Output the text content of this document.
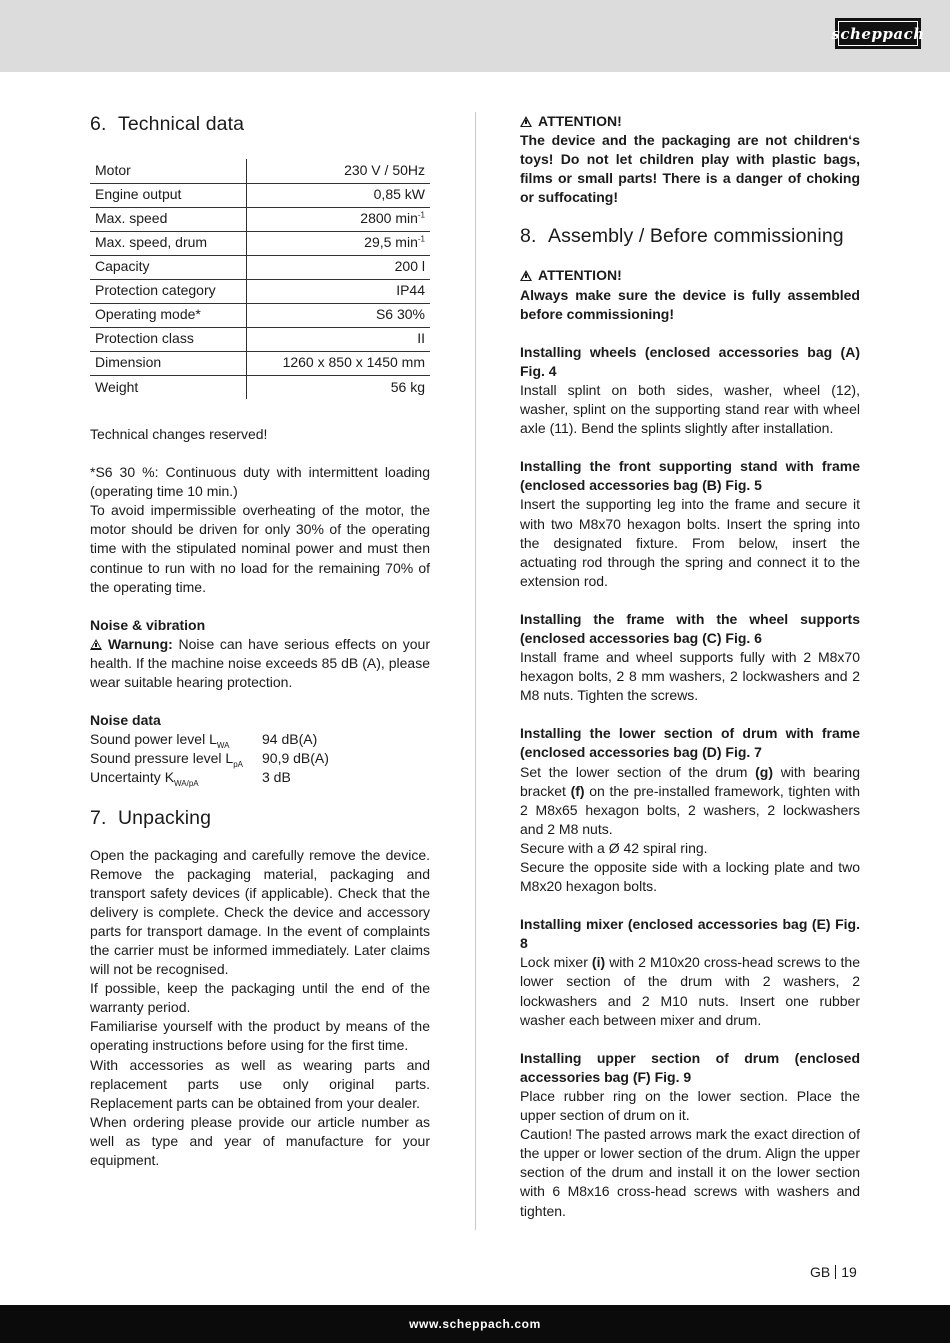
scheppach
6. Technical data
Motor	230 V / 50Hz
Engine output	0,85 kW
Max. speed	2800 $\min^{-1}$
Max. speed, drum	29,5 $\min^{-1}$
Capacity	200 l
Protection category	IP44
Operating mode*	S6 30%
Protection class	II
Dimension	1260 x 850 x 1450 mm
Weight	56 kg

Technical changes reserved!

*S6 30 %: Continuous duty with intermittent loading (operating time 10 min.)

To avoid impermissible overheating of the motor, the motor should be driven for only 30% of the operating time with the stipulated nominal power and must then continue to run with no load for the remaining 70% of the operating time.

Noise & vibration

Warnung: Noise can have serious effects on your health. If the machine noise exceeds 85 dB (A), please wear suitable hearing protection.

Noise data

Sound power level $L_{WA}$	94 dB(A)
Sound pressure level $L_{pA}$	90,9 dB(A)
Uncertainty $K_{WA/pA}$	3 dB
7. Unpacking

Open the packaging and carefully remove the device. Remove the packaging material, packaging and transport safety devices (if applicable). Check that the delivery is complete. Check the device and accessory parts for transport damage. In the event of complaints the carrier must be informed immediately. Later claims will not be recognised.

If possible, keep the packaging until the end of the warranty period.

Familiarise yourself with the product by means of the operating instructions before using for the first time.

With accessories as well as wearing parts and replacement parts use only original parts. Replacement parts can be obtained from your dealer.

When ordering please provide our article number as well as type and year of manufacture for your equipment.

ATTENTION!

The device and the packaging are not children‘s toys! Do not let children play with plastic bags, films or small parts! There is a danger of choking or suffocating!

8. Assembly / Before commissioning

ATTENTION!

Always make sure the device is fully assembled before commissioning!

Installing wheels (enclosed accessories bag (A) Fig. 4

Install splint on both sides, washer, wheel (12), washer, splint on the supporting stand rear with wheel axle (11). Bend the splints slightly after installation.

Installing the front supporting stand with frame (enclosed accessories bag (B) Fig. 5

Insert the supporting leg into the frame and secure it with two M8x70 hexagon bolts. Insert the spring into the designated fixture. From below, insert the actuating rod through the spring and connect it to the extension rod.

Installing the frame with the wheel supports (enclosed accessories bag (C) Fig. 6

Install frame and wheel supports fully with 2 M8x70 hexagon bolts, 2 8 mm washers, 2 lockwashers and 2 M8 nuts. Tighten the screws.

Installing the lower section of drum with frame (enclosed accessories bag (D) Fig. 7

Set the lower section of the drum (g) with bearing bracket (f) on the pre-installed framework, tighten with 2 M8x65 hexagon bolts, 2 washers, 2 lockwashers and 2 M8 nuts.

Secure with a Ø 42 spiral ring.

Secure the opposite side with a locking plate and two M8x20 hexagon bolts.

Installing mixer (enclosed accessories bag (E) Fig. 8

Lock mixer (i) with 2 M10x20 cross-head screws to the lower section of the drum with 2 washers, 2 lockwashers and 2 M10 nuts. Insert one rubber washer each between mixer and drum.

Installing upper section of drum (enclosed accessories bag (F) Fig. 9

Place rubber ring on the lower section. Place the upper section of drum on it.

Caution! The pasted arrows mark the exact direction of the upper or lower section of the drum. Align the upper section of the drum and install it on the lower section with 6 M8x16 cross-head screws with washers and tighten.

GB 19
www.scheppach.com
